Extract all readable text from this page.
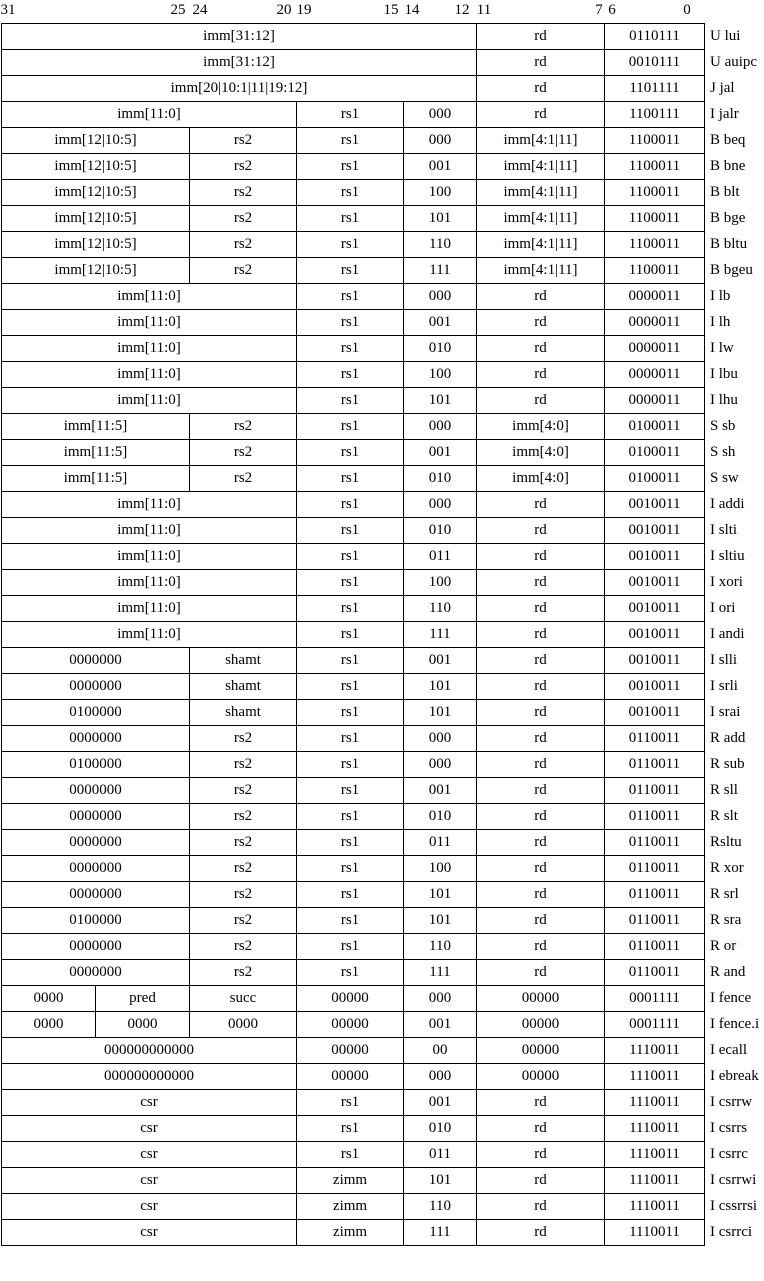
31	25 24	20 19	15 14 12 11	7 6	0
imm[31:12]					rd	0110111	U lui
imm[31:12]					rd	0010111	U auipc
imm[20|10:1|11|19:12]					rd	1101111	J jal
imm[11:0]			rs1	000	rd	1100111	I jalr
imm[12|10:5]		rs2	rs1	000	imm[4:1|11]	1100011	B beq
imm[12|10:5]		rs2	rs1	001	imm[4:1|11]	1100011	B bne
imm[12|10:5]		rs2	rs1	100	imm[4:1|11]	1100011	B blt
imm[12|10:5]		rs2	rs1	101	imm[4:1|11]	1100011	B bge
imm[12|10:5]		rs2	rs1	110	imm[4:1|11]	1100011	B bltu
imm[12|10:5]		rs2	rs1	111	imm[4:1|11]	1100011	B bgeu
imm[11:0]			rs1	000	rd	0000011	I lb
imm[11:0]			rs1	001	rd	0000011	I lh
imm[11:0]			rs1	010	rd	0000011	I lw
imm[11:0]			rs1	100	rd	0000011	I lbu
imm[11:0]			rs1	101	rd	0000011	I lhu
imm[11:5]		rs2	rs1	000	imm[4:0]	0100011	S sb
imm[11:5]		rs2	rs1	001	imm[4:0]	0100011	S sh
imm[11:5]		rs2	rs1	010	imm[4:0]	0100011	S sw
imm[11:0]			rs1	000	rd	0010011	I addi
imm[11:0]			rs1	010	rd	0010011	I slti
imm[11:0]			rs1	011	rd	0010011	I sltiu
imm[11:0]			rs1	100	rd	0010011	I xori
imm[11:0]			rs1	110	rd	0010011	I ori
imm[11:0]			rs1	111	rd	0010011	I andi
0000000		shamt	rs1	001	rd	0010011	I slli
0000000		shamt	rs1	101	rd	0010011	I srli
0100000		shamt	rs1	101	rd	0010011	I srai
0000000		rs2	rs1	000	rd	0110011	R add
0100000		rs2	rs1	000	rd	0110011	R sub
0000000		rs2	rs1	001	rd	0110011	R sll
0000000		rs2	rs1	010	rd	0110011	R slt
0000000		rs2	rs1	011	rd	0110011	Rsltu
0000000		rs2	rs1	100	rd	0110011	R xor
0000000		rs2	rs1	101	rd	0110011	R srl
0100000		rs2	rs1	101	rd	0110011	R sra
0000000		rs2	rs1	110	rd	0110011	R or
0000000		rs2	rs1	111	rd	0110011	R and
0000	pred	succ	00000	000	00000	0001111	I fence
0000	0000	0000	00000	001	00000	0001111	I fence.i
000000000000			00000	00	00000	1110011	I ecall
000000000000			00000	000	00000	1110011	I ebreak
csr			rs1	001	rd	1110011	I csrrw
csr			rs1	010	rd	1110011	I csrrs
csr			rs1	011	rd	1110011	I csrrc
csr			zimm	101	rd	1110011	I csrrwi
csr			zimm	110	rd	1110011	I cssrrsi
csr			zimm	111	rd	1110011	I csrrci
